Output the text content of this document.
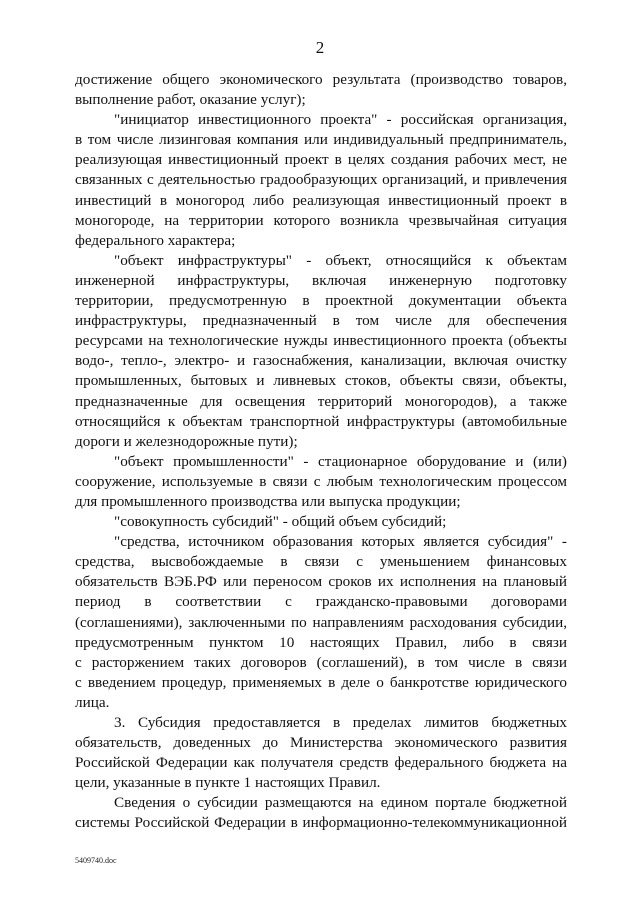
2
достижение общего экономического результата (производство товаров,
выполнение работ, оказание услуг);
"инициатор инвестиционного проекта" - российская организация,
в том числе лизинговая компания или индивидуальный предприниматель,
реализующая инвестиционный проект в целях создания рабочих мест, не
связанных с деятельностью градообразующих организаций, и привлечения
инвестиций в моногород либо реализующая инвестиционный проект в
моногороде, на территории которого возникла чрезвычайная ситуация
федерального характера;
"объект инфраструктуры" - объект, относящийся к объектам
инженерной инфраструктуры, включая инженерную подготовку
территории, предусмотренную в проектной документации объекта
инфраструктуры, предназначенный в том числе для обеспечения
ресурсами на технологические нужды инвестиционного проекта (объекты
водо-, тепло-, электро- и газоснабжения, канализации, включая очистку
промышленных, бытовых и ливневых стоков, объекты связи, объекты,
предназначенные для освещения территорий моногородов), а также
относящийся к объектам транспортной инфраструктуры (автомобильные
дороги и железнодорожные пути);
"объект промышленности" - стационарное оборудование и (или)
сооружение, используемые в связи с любым технологическим процессом
для промышленного производства или выпуска продукции;
"совокупность субсидий" - общий объем субсидий;
"средства, источником образования которых является субсидия" -
средства, высвобождаемые в связи с уменьшением финансовых
обязательств ВЭБ.РФ или переносом сроков их исполнения на плановый
период в соответствии с гражданско-правовыми договорами
(соглашениями), заключенными по направлениям расходования субсидии,
предусмотренным пунктом 10 настоящих Правил, либо в связи
с расторжением таких договоров (соглашений), в том числе в связи
с введением процедур, применяемых в деле о банкротстве юридического
лица.
3. Субсидия предоставляется в пределах лимитов бюджетных
обязательств, доведенных до Министерства экономического развития
Российской Федерации как получателя средств федерального бюджета на
цели, указанные в пункте 1 настоящих Правил.
Сведения о субсидии размещаются на едином портале бюджетной
системы Российской Федерации в информационно-телекоммуникационной
5409740.doc
